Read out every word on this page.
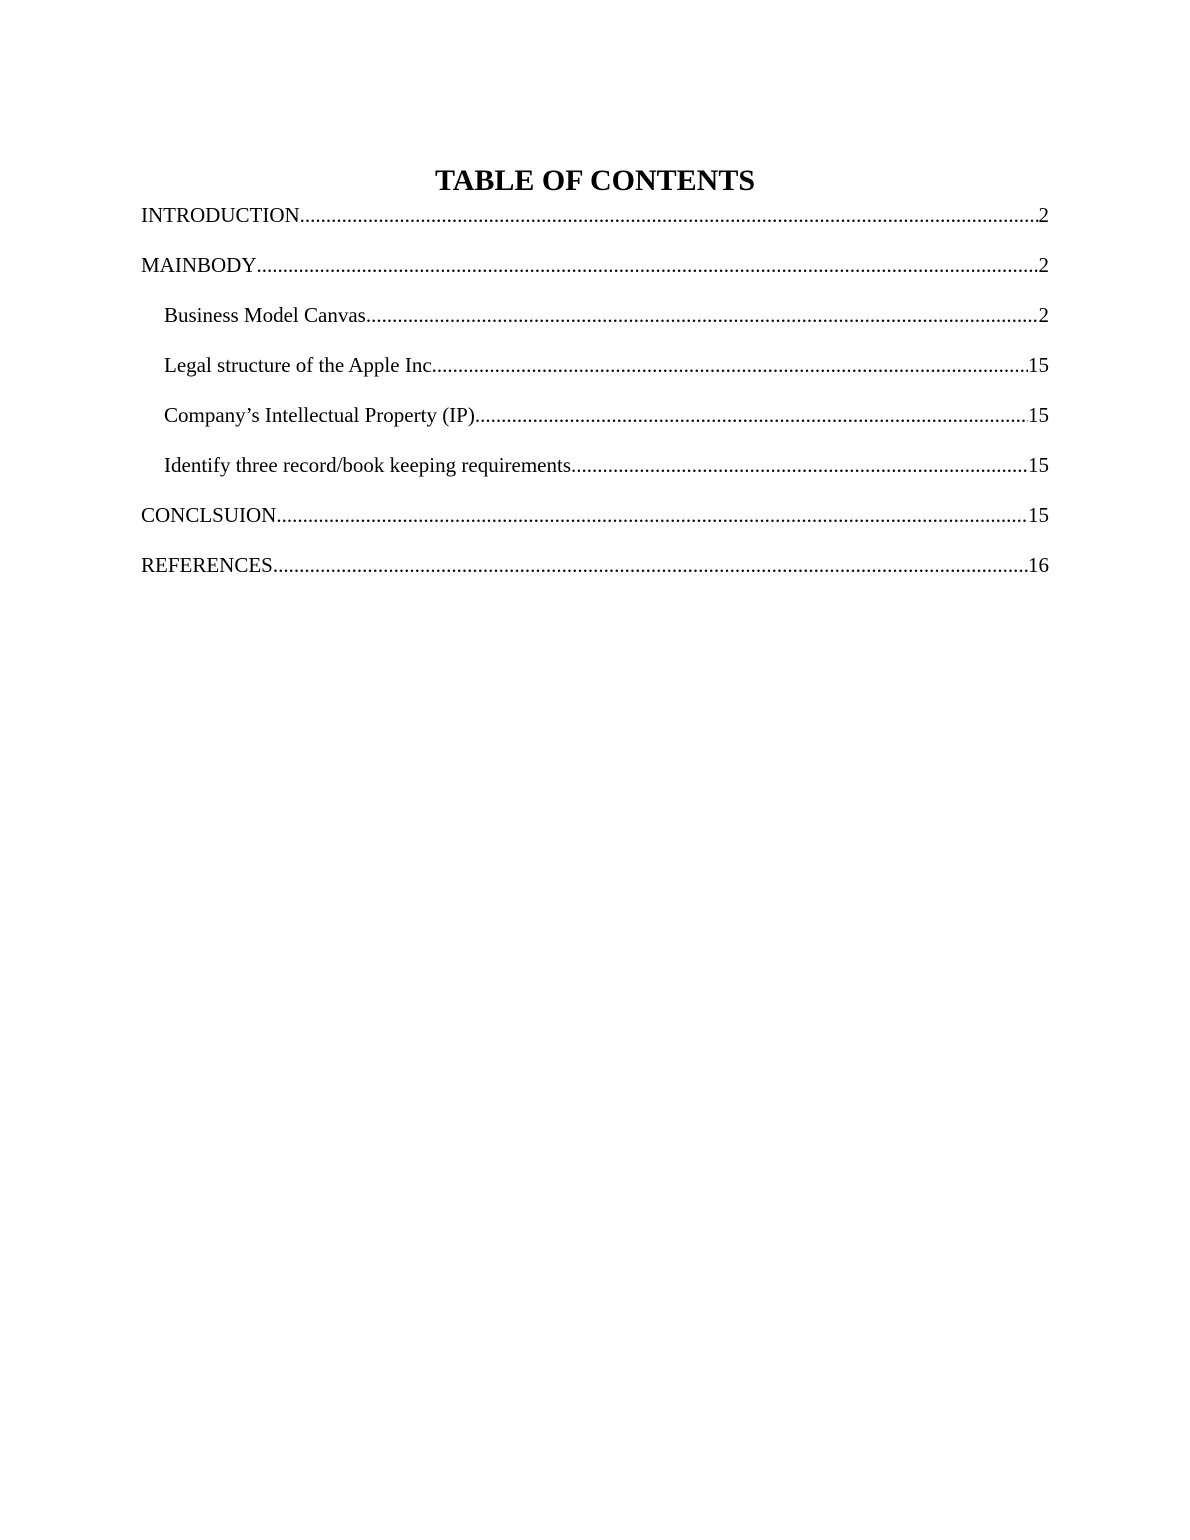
TABLE OF CONTENTS
INTRODUCTION .....	2
MAINBODY .....	2
Business Model Canvas .....	2
Legal structure of the Apple Inc .....	15
Company’s Intellectual Property (IP) .....	15
Identify three record/book keeping requirements .....	15
CONCLSUION .....	15
REFERENCES .....	16
